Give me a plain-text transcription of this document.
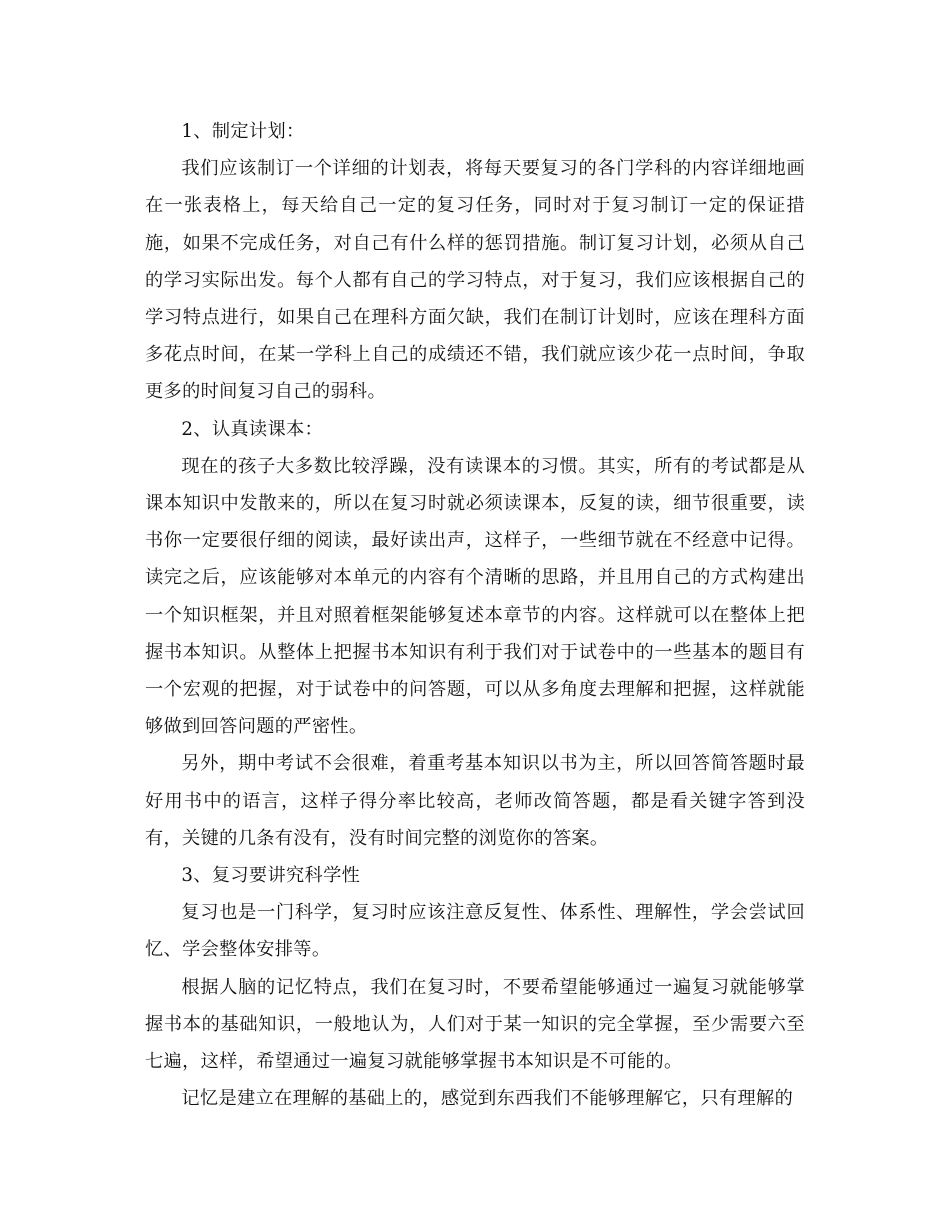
1、制定计划：

我们应该制订一个详细的计划表，将每天要复习的各门学科的内容详细地画在一张表格上，每天给自己一定的复习任务，同时对于复习制订一定的保证措施，如果不完成任务，对自己有什么样的惩罚措施。制订复习计划，必须从自己的学习实际出发。每个人都有自己的学习特点，对于复习，我们应该根据自己的学习特点进行，如果自己在理科方面欠缺，我们在制订计划时，应该在理科方面多花点时间，在某一学科上自己的成绩还不错，我们就应该少花一点时间，争取更多的时间复习自己的弱科。

2、认真读课本：

现在的孩子大多数比较浮躁，没有读课本的习惯。其实，所有的考试都是从课本知识中发散来的，所以在复习时就必须读课本，反复的读，细节很重要，读书你一定要很仔细的阅读，最好读出声，这样子，一些细节就在不经意中记得。读完之后，应该能够对本单元的内容有个清晰的思路，并且用自己的方式构建出一个知识框架，并且对照着框架能够复述本章节的内容。这样就可以在整体上把握书本知识。从整体上把握书本知识有利于我们对于试卷中的一些基本的题目有一个宏观的把握，对于试卷中的问答题，可以从多角度去理解和把握，这样就能够做到回答问题的严密性。

另外，期中考试不会很难，着重考基本知识以书为主，所以回答简答题时最好用书中的语言，这样子得分率比较高，老师改简答题，都是看关键字答到没有，关键的几条有没有，没有时间完整的浏览你的答案。

3、复习要讲究科学性

复习也是一门科学，复习时应该注意反复性、体系性、理解性，学会尝试回忆、学会整体安排等。

根据人脑的记忆特点，我们在复习时，不要希望能够通过一遍复习就能够掌握书本的基础知识，一般地认为，人们对于某一知识的完全掌握，至少需要六至七遍，这样，希望通过一遍复习就能够掌握书本知识是不可能的。

记忆是建立在理解的基础上的，感觉到东西我们不能够理解它，只有理解的
